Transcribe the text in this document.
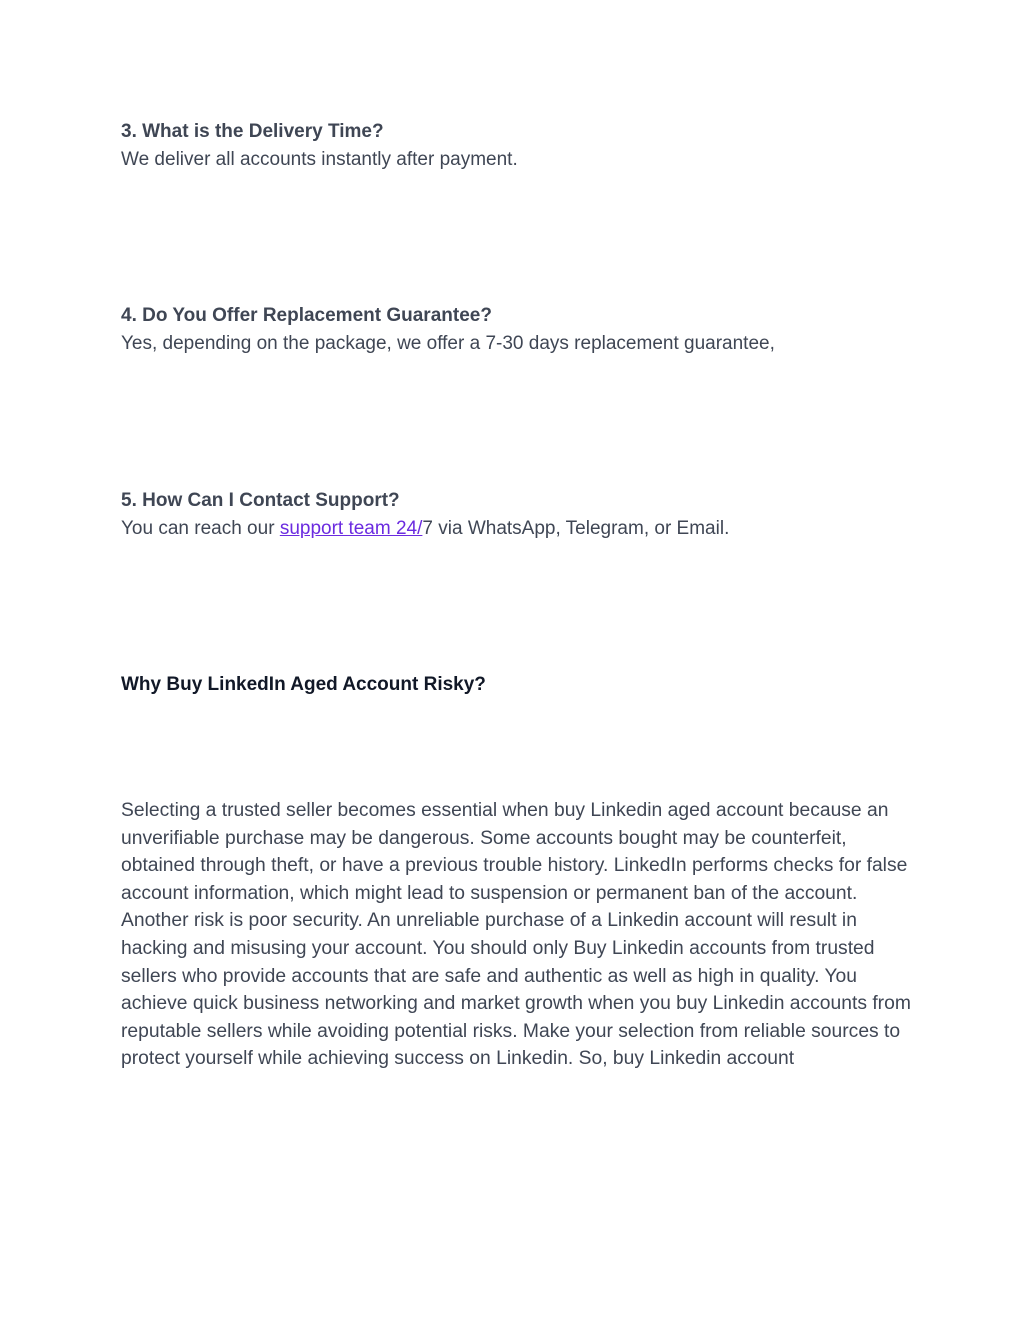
3. What is the Delivery Time?

We deliver all accounts instantly after payment.

4. Do You Offer Replacement Guarantee?

Yes, depending on the package, we offer a 7-30 days replacement guarantee,

5. How Can I Contact Support?

You can reach our support team 24/7 via WhatsApp, Telegram, or Email.

Why Buy LinkedIn Aged Account Risky?

Selecting a trusted seller becomes essential when buy Linkedin aged account because an unverifiable purchase may be dangerous. Some accounts bought may be counterfeit, obtained through theft, or have a previous trouble history. LinkedIn performs checks for false account information, which might lead to suspension or permanent ban of the account. Another risk is poor security. An unreliable purchase of a Linkedin account will result in hacking and misusing your account. You should only Buy Linkedin accounts from trusted sellers who provide accounts that are safe and authentic as well as high in quality. You achieve quick business networking and market growth when you buy Linkedin accounts from reputable sellers while avoiding potential risks. Make your selection from reliable sources to protect yourself while achieving success on Linkedin. So, buy Linkedin account
